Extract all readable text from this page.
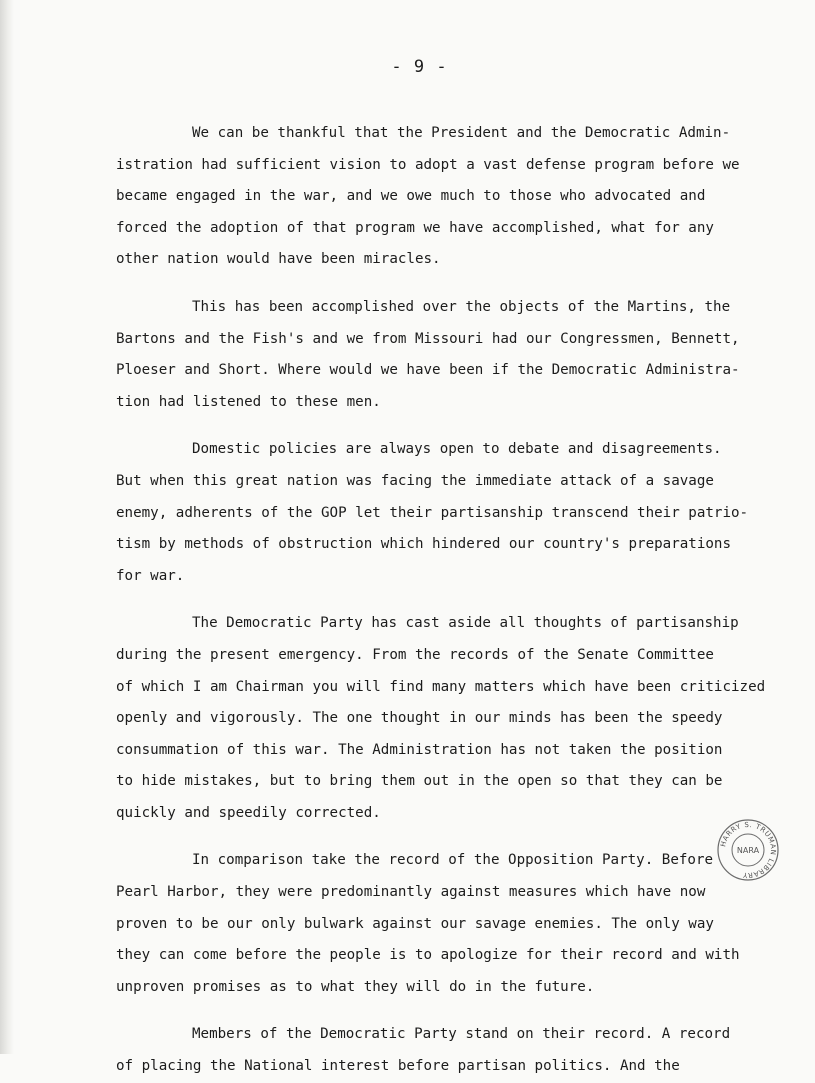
- 9 -
We can be thankful that the President and the Democratic Admin-
istration had sufficient vision to adopt a vast defense program before we
became engaged in the war, and we owe much to those who advocated and
forced the adoption of that program we have accomplished, what for any
other nation would have been miracles.
This has been accomplished over the objects of the Martins, the
Bartons and the Fish's and we from Missouri had our Congressmen, Bennett,
Ploeser and Short. Where would we have been if the Democratic Administra-
tion had listened to these men.
Domestic policies are always open to debate and disagreements.
But when this great nation was facing the immediate attack of a savage
enemy, adherents of the GOP let their partisanship transcend their patrio-
tism by methods of obstruction which hindered our country's preparations
for war.
The Democratic Party has cast aside all thoughts of partisanship
during the present emergency. From the records of the Senate Committee
of which I am Chairman you will find many matters which have been criticized
openly and vigorously. The one thought in our minds has been the speedy
consummation of this war. The Administration has not taken the position
to hide mistakes, but to bring them out in the open so that they can be
quickly and speedily corrected.
In comparison take the record of the Opposition Party. Before
Pearl Harbor, they were predominantly against measures which have now
proven to be our only bulwark against our savage enemies. The only way
they can come before the people is to apologize for their record and with
unproven promises as to what they will do in the future.
Members of the Democratic Party stand on their record. A record
of placing the National interest before partisan politics. And the
HARRY S. TRUMAN LIBRARY
NARA
